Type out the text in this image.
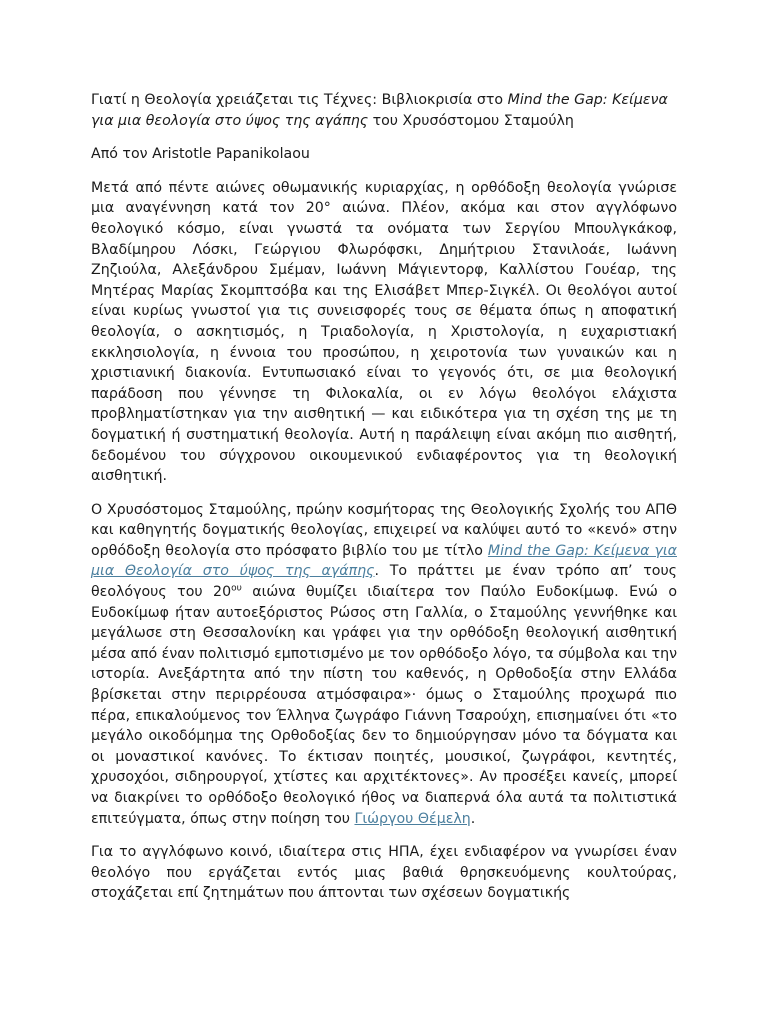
Γιατί η Θεολογία χρειάζεται τις Τέχνες: Βιβλιοκρισία στο Mind the Gap: Κείμενα για μια θεολογία στο ύψος της αγάπης του Χρυσόστομου Σταμούλη

Από τον Aristotle Papanikolaou

Μετά από πέντε αιώνες οθωμανικής κυριαρχίας, η ορθόδοξη θεολογία γνώρισε μια αναγέννηση κατά τον 20° αιώνα. Πλέον, ακόμα και στον αγγλόφωνο θεολογικό κόσμο, είναι γνωστά τα ονόματα των Σεργίου Μπουλγκάκοφ, Βλαδίμηρου Λόσκι, Γεώργιου Φλωρόφσκι, Δημήτριου Στανιλοάε, Ιωάννη Ζηζιούλα, Αλεξάνδρου Σμέμαν, Ιωάννη Μάγιεντορφ, Καλλίστου Γουέαρ, της Μητέρας Μαρίας Σκομπτσόβα και της Ελισάβετ Μπερ-Σιγκέλ. Οι θεολόγοι αυτοί είναι κυρίως γνωστοί για τις συνεισφορές τους σε θέματα όπως η αποφατική θεολογία, ο ασκητισμός, η Τριαδολογία, η Χριστολογία, η ευχαριστιακή εκκλησιολογία, η έννοια του προσώπου, η χειροτονία των γυναικών και η χριστιανική διακονία. Εντυπωσιακό είναι το γεγονός ότι, σε μια θεολογική παράδοση που γέννησε τη Φιλοκαλία, οι εν λόγω θεολόγοι ελάχιστα προβληματίστηκαν για την αισθητική — και ειδικότερα για τη σχέση της με τη δογματική ή συστηματική θεολογία. Αυτή η παράλειψη είναι ακόμη πιο αισθητή, δεδομένου του σύγχρονου οικουμενικού ενδιαφέροντος για τη θεολογική αισθητική.

Ο Χρυσόστομος Σταμούλης, πρώην κοσμήτορας της Θεολογικής Σχολής του ΑΠΘ και καθηγητής δογματικής θεολογίας, επιχειρεί να καλύψει αυτό το «κενό» στην ορθόδοξη θεολογία στο πρόσφατο βιβλίο του με τίτλο Mind the Gap: Κείμενα για μια Θεολογία στο ύψος της αγάπης. Το πράττει με έναν τρόπο απ’ τους θεολόγους του $20^{o\upsilon}$ αιώνα θυμίζει ιδιαίτερα τον Παύλο Ευδοκίμωφ. Ενώ ο Ευδοκίμωφ ήταν αυτοεξόριστος Ρώσος στη Γαλλία, ο Σταμούλης γεννήθηκε και μεγάλωσε στη Θεσσαλονίκη και γράφει για την ορθόδοξη θεολογική αισθητική μέσα από έναν πολιτισμό εμποτισμένο με τον ορθόδοξο λόγο, τα σύμβολα και την ιστορία. Ανεξάρτητα από την πίστη του καθενός, η Ορθοδοξία στην Ελλάδα βρίσκεται στην περιρρέουσα ατμόσφαιρα»· όμως ο Σταμούλης προχωρά πιο πέρα, επικαλούμενος τον Έλληνα ζωγράφο Γιάννη Τσαρούχη, επισημαίνει ότι «το μεγάλο οικοδόμημα της Ορθοδοξίας δεν το δημιούργησαν μόνο τα δόγματα και οι μοναστικοί κανόνες. Το έκτισαν ποιητές, μουσικοί, ζωγράφοι, κεντητές, χρυσοχόοι, σιδηρουργοί, χτίστες και αρχιτέκτονες». Αν προσέξει κανείς, μπορεί να διακρίνει το ορθόδοξο θεολογικό ήθος να διαπερνά όλα αυτά τα πολιτιστικά επιτεύγματα, όπως στην ποίηση του Γιώργου Θέμελη.

Για το αγγλόφωνο κοινό, ιδιαίτερα στις ΗΠΑ, έχει ενδιαφέρον να γνωρίσει έναν θεολόγο που εργάζεται εντός μιας βαθιά θρησκευόμενης κουλτούρας, στοχάζεται επί ζητημάτων που άπτονται των σχέσεων δογματικής
